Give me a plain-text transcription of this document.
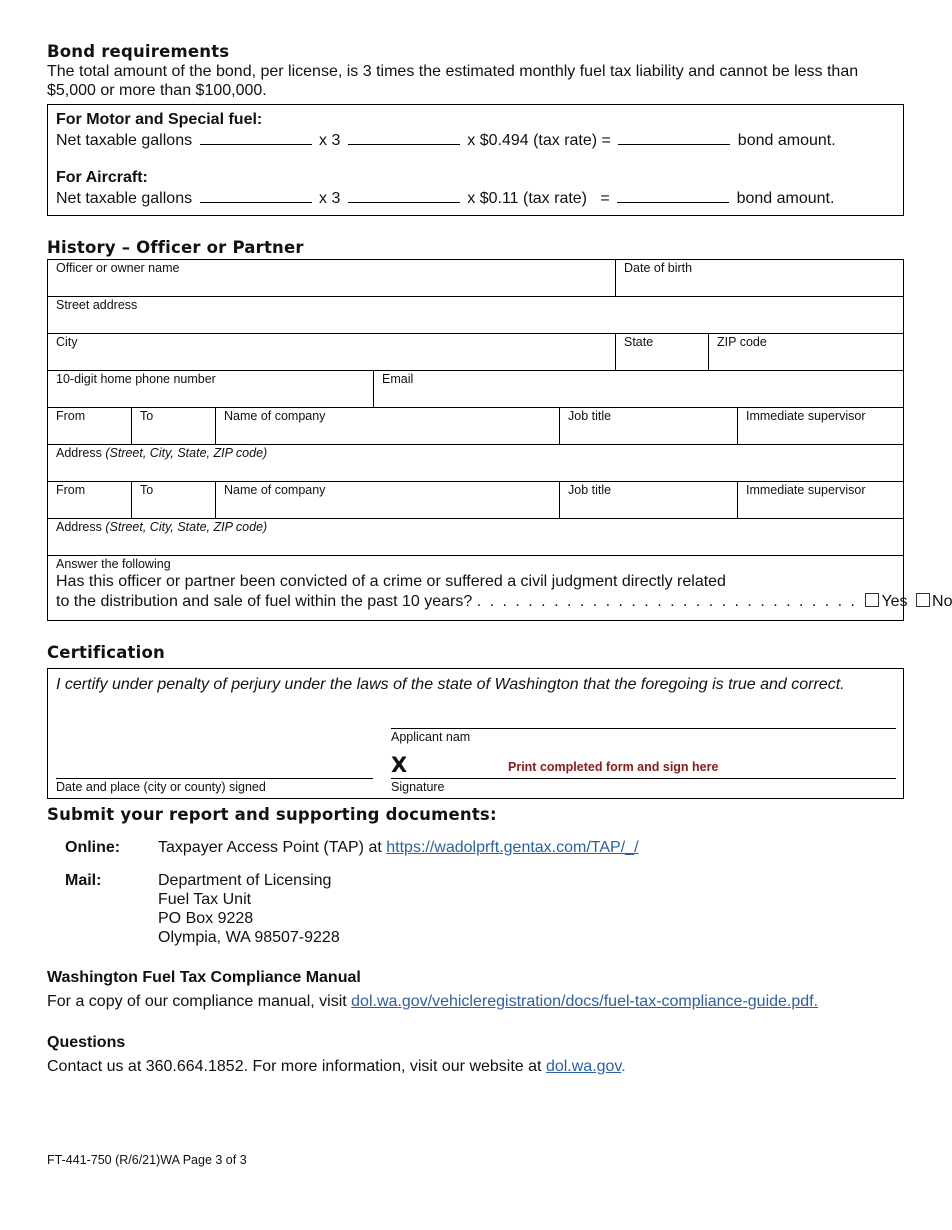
Bond requirements
The total amount of the bond, per license, is 3 times the estimated monthly fuel tax liability and cannot be less than $5,000 or more than $100,000.
For Motor and Special fuel:
Net taxable gallons	x 3	x $0.494 (tax rate) =	bond amount.
For Aircraft:
Net taxable gallons	x 3	x $0.11 (tax rate)   =	bond amount.
History – Officer or Partner
Officer or owner name	Date of birth
Street address
City	State	ZIP code
10-digit home phone number	Email
From	To	Name of company	Job title	Immediate supervisor
Address (Street, City, State, ZIP code)
From	To	Name of company	Job title	Immediate supervisor
Address (Street, City, State, ZIP code)
Answer the following
Has this officer or partner been convicted of a crime or suffered a civil judgment directly related
to the distribution and sale of fuel within the past 10 years? . . . . . . . . . . . . . . . . . . . . . . . . . . . . . . Yes No
Certification
I certify under penalty of perjury under the laws of the state of Washington that the foregoing is true and correct.
Applicant nam
X	Print completed form and sign here
Date and place (city or county) signed	Signature
Submit your report and supporting documents:
Online: Taxpayer Access Point (TAP) at https://wadolprft.gentax.com/TAP/_/
Mail:	Department of Licensing
Fuel Tax Unit
PO Box 9228
Olympia, WA 98507-9228
Washington Fuel Tax Compliance Manual
For a copy of our compliance manual, visit dol.wa.gov/vehicleregistration/docs/fuel-tax-compliance-guide.pdf.
Questions
Contact us at 360.664.1852. For more information, visit our website at dol.wa.gov.
FT-441-750 (R/6/21)WA Page 3 of 3
